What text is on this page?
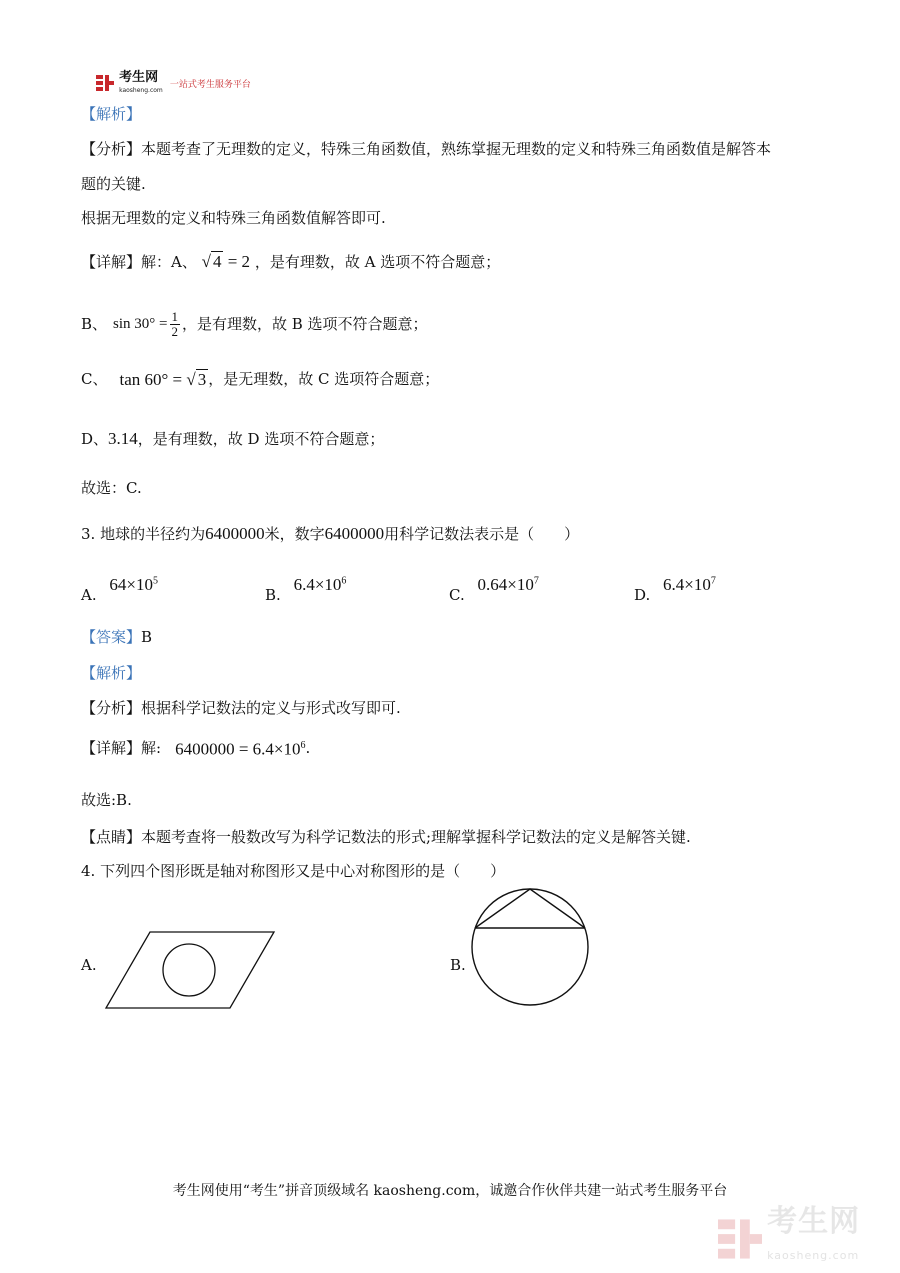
考生网
kaosheng.com 一站式考生服务平台
【解析】
【分析】本题考查了无理数的定义，特殊三角函数值，熟练掌握无理数的定义和特殊三角函数值是解答本
题的关键.
根据无理数的定义和特殊三角函数值解答即可.
【详解】解：A、 √ 4 = 2 ，是有理数，故 A 选项不符合题意；
B、 $\sin 30^\circ = \frac{1}{2}$ ，是有理数，故 B 选项不符合题意；
C、 tan 60° = √ 3 ，是无理数，故 C 选项符合题意；
D、 3.14 ，是有理数，故 D 选项不符合题意；
故选：C.
3. 地球的半径约为 6400000 米，数字 6400000 用科学记数法表示是（　　）
A. $64\times 10^5$
B. $6.4\times 10^6$
C. $0.64\times 10^7$
D. $6.4\times 10^7$
【答案】B
【解析】
【分析】根据科学记数法的定义与形式改写即可.
【详解】解: $6400000 = 6.4\times 10^6$ .
故选:B.
【点睛】本题考查将一般数改写为科学记数法的形式;理解掌握科学记数法的定义是解答关键.
4. 下列四个图形既是轴对称图形又是中心对称图形的是（　　）
A.	B.
考生网使用“考生”拼音顶级域名 kaosheng.com，诚邀合作伙伴共建一站式考生服务平台
考生网
kaosheng.com
